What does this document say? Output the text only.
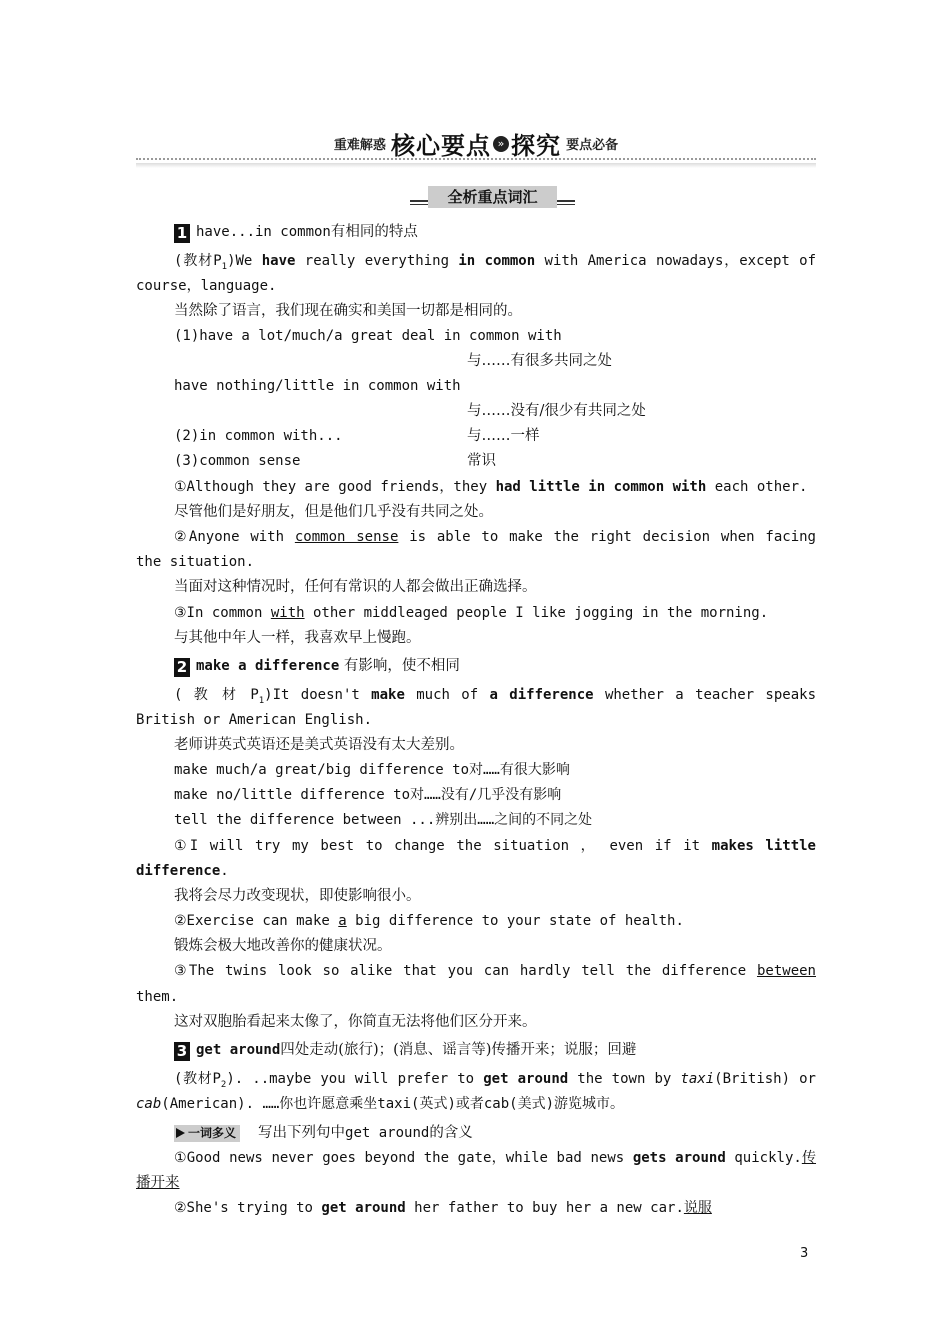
重难解惑 核心要点 » 探究 要点必备
全析重点词汇
1 have...in common有相同的特点
(教材$P_1)We$ have really everything in common with America nowadays，except of
course，language.
当然除了语言，我们现在确实和美国一切都是相同的。
(1)have a lot/much/a great deal in common with
与……有很多共同之处
have nothing/little in common with
与……没有/很少有共同之处
(2)in common with...	与……一样
(3)common sense	常识
①Although they are good friends，they had little in common with each other.
尽管他们是好朋友，但是他们几乎没有共同之处。
②Anyone with common sense is able to make the right decision when facing
the situation.
当面对这种情况时，任何有常识的人都会做出正确选择。
③In common with other middleaged people I like jogging in the morning.
与其他中年人一样，我喜欢早上慢跑。
2 make a difference 有影响，使不相同
( 教 材 $P_1)It$ doesn't make much of a difference whether a teacher speaks
British or American English.
老师讲英式英语还是美式英语没有太大差别。
make much/a great/big difference to对……有很大影响
make no/little difference to对……没有/几乎没有影响
tell the difference between ...辨别出……之间的不同之处
①I will try my best to change the situation ， even if it makes little
difference.
我将会尽力改变现状，即使影响很小。
②Exercise can make a big difference to your state of health.
锻炼会极大地改善你的健康状况。
③The twins look so alike that you can hardly tell the difference between
them.
这对双胞胎看起来太像了，你简直无法将他们区分开来。
3 get around四处走动(旅行)；(消息、谣言等)传播开来；说服；回避
(教材$P_2$). ..maybe you will prefer to get around the town by taxi(British) or
cab(American). ……你也许愿意乘坐taxi(英式)或者cab(美式)游览城市。
一词多义 写出下列句中get around的含义
①Good news never goes beyond the gate，while bad news gets around quickly.传
播开来
②She's trying to get around her father to buy her a new car.说服
3
